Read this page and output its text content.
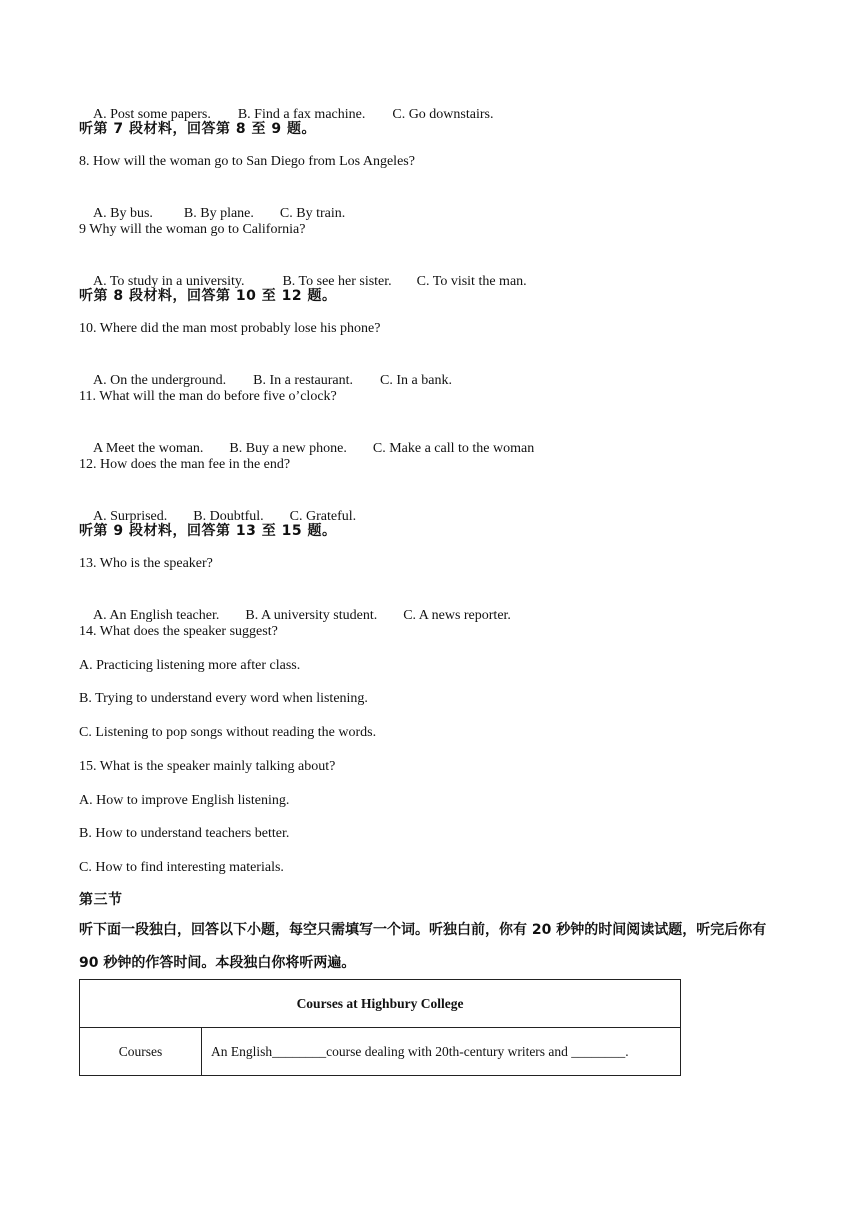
A. Post some papers. B. Find a fax machine. C. Go downstairs.

听第 7 段材料，回答第 8 至 9 题。
8. How will the woman go to San Diego from Los Angeles?

A. By bus. B. By plane. C. By train.

9 Why will the woman go to California?

A. To study in a university.	B. To see her sister. C. To visit the man.

听第 8 段材料，回答第 10 至 12 题。
10. Where did the man most probably lose his phone?

A. On the underground. B. In a restaurant. C. In a bank.

11. What will the man do before five o’clock?

A Meet the woman. B. Buy a new phone. C. Make a call to the woman

12. How does the man fee in the end?

A. Surprised. B. Doubtful. C. Grateful.

听第 9 段材料，回答第 13 至 15 题。
13. Who is the speaker?

A. An English teacher. B. A university student. C. A news reporter.

14. What does the speaker suggest?
A. Practicing listening more after class.
B. Trying to understand every word when listening.
C. Listening to pop songs without reading the words.
15. What is the speaker mainly talking about?
A. How to improve English listening.
B. How to understand teachers better.
C. How to find interesting materials.
第三节
听下面一段独白，回答以下小题，每空只需填写一个词。听独白前，你有 20 秒钟的时间阅读试题，听完后你有 90 秒钟的作答时间。本段独白你将听两遍。
Courses at Highbury College
Courses	An English________course dealing with 20th-century writers and ________.
